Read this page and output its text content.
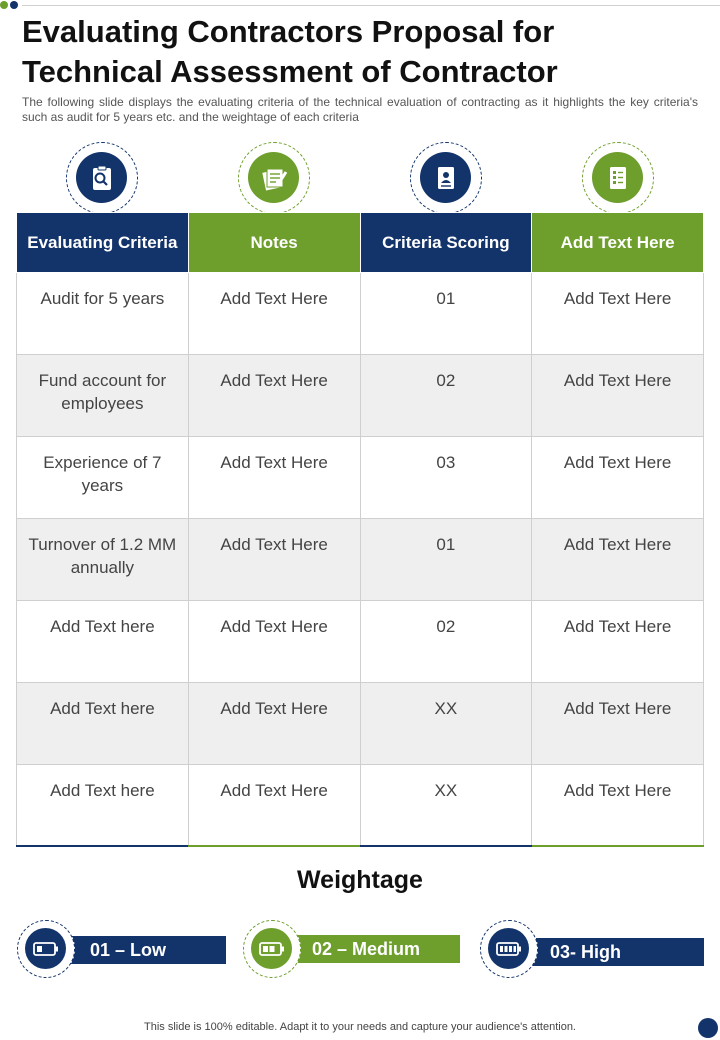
Evaluating Contractors Proposal for Technical Assessment of Contractor

The following slide displays the evaluating criteria of the technical evaluation of contracting as it highlights the key criteria's such as audit for 5 years etc. and the weightage of each criteria

Evaluating Criteria	Notes	Criteria Scoring	Add Text Here
Audit for 5 years	Add Text Here	01	Add Text Here
Fund account for employees	Add Text Here	02	Add Text Here
Experience of 7 years	Add Text Here	03	Add Text Here
Turnover of 1.2 MM annually	Add Text Here	01	Add Text Here
Add Text here	Add Text Here	02	Add Text Here
Add Text here	Add Text Here	XX	Add Text Here
Add Text here	Add Text Here	XX	Add Text Here
Weightage
01 – Low	02 – Medium	03- High

This slide is 100% editable. Adapt it to your needs and capture your audience's attention.
